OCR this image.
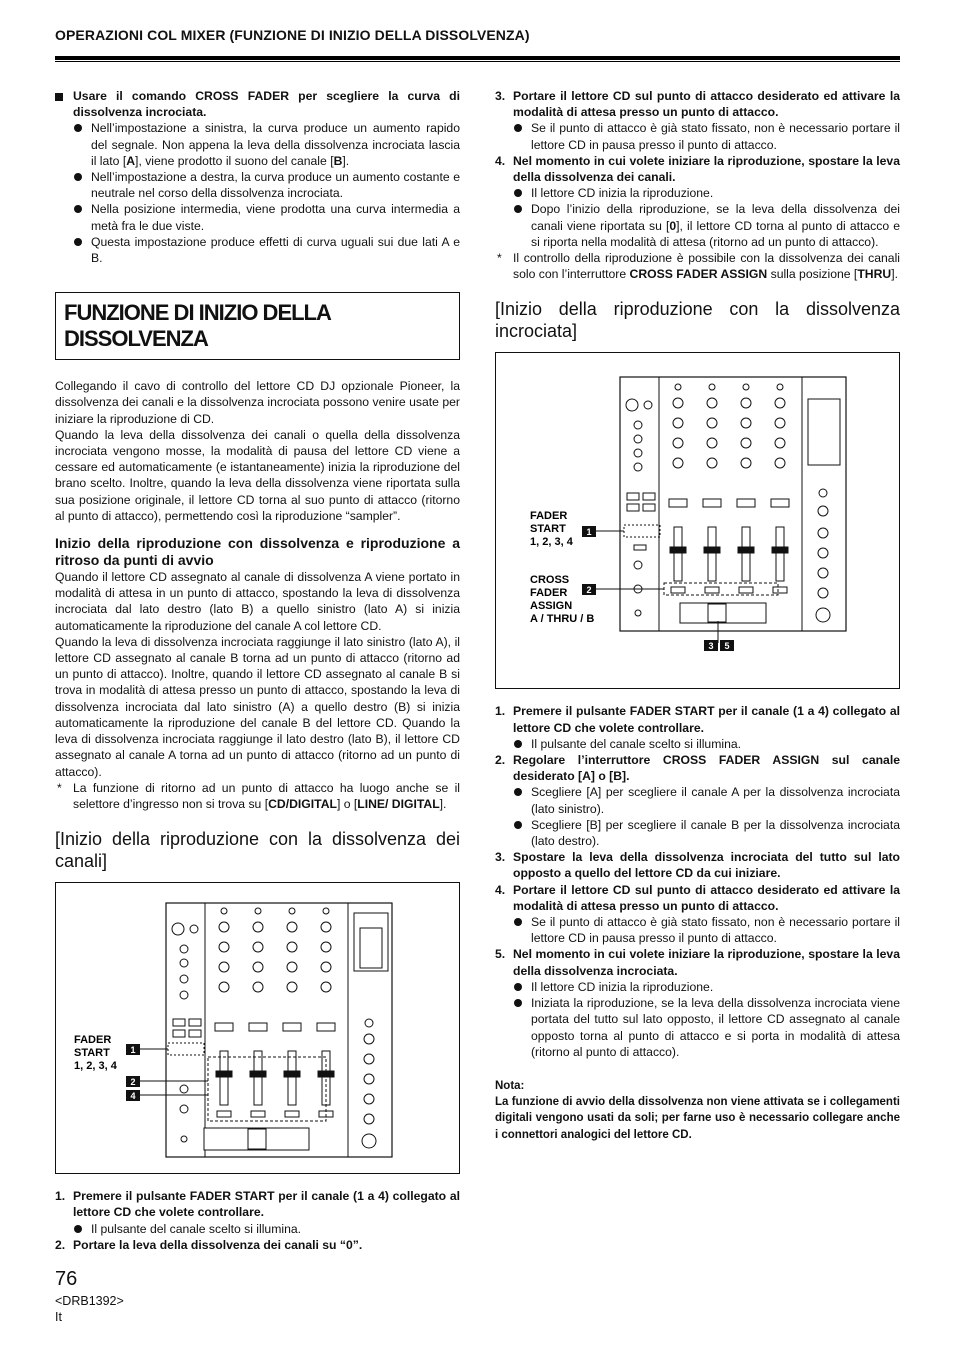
OPERAZIONI COL MIXER (FUNZIONE DI INIZIO DELLA DISSOLVENZA)

Usare il comando CROSS FADER per scegliere la curva di dissolvenza incrociata.

Nell’impostazione a sinistra, la curva produce un aumento rapido del segnale. Non appena la leva della dissolvenza incrociata lascia il lato [A], viene prodotto il suono del canale [B].
Nell’impostazione a destra, la curva produce un aumento costante e neutrale nel corso della dissolvenza incrociata.
Nella posizione intermedia, viene prodotta una curva intermedia a metà fra le due viste.
Questa impostazione produce effetti di curva uguali sui due lati A e B.
FUNZIONE DI INIZIO DELLA DISSOLVENZA

Collegando il cavo di controllo del lettore CD DJ opzionale Pioneer, la dissolvenza dei canali e la dissolvenza incrociata possono venire usate per iniziare la riproduzione di CD.

Quando la leva della dissolvenza dei canali o quella della dissolvenza incrociata vengono mosse, la modalità di pausa del lettore CD viene a cessare ed automaticamente (e istantaneamente) inizia la riproduzione del brano scelto. Inoltre, quando la leva della dissolvenza viene riportata sulla sua posizione originale, il lettore CD torna al suo punto di attacco (ritorno al punto di attacco), permettendo così la riproduzione “sampler”.

Inizio della riproduzione con dissolvenza e riproduzione a ritroso da punti di avvio

Quando il lettore CD assegnato al canale di dissolvenza A viene portato in modalità di attesa in un punto di attacco, spostando la leva di dissolvenza incrociata dal lato destro (lato B) a quello sinistro (lato A) si inizia automaticamente la riproduzione del canale A col lettore CD.

Quando la leva di dissolvenza incrociata raggiunge il lato sinistro (lato A), il lettore CD assegnato al canale B torna ad un punto di attacco (ritorno ad un punto di attacco). Inoltre, quando il lettore CD assegnato al canale B si trova in modalità di attesa presso un punto di attacco, spostando la leva di dissolvenza incrociata dal lato sinistro (A) a quello destro (B) si inizia automaticamente la riproduzione del canale B del lettore CD. Quando la leva di dissolvenza incrociata raggiunge il lato destro (lato B), il lettore CD assegnato al canale A torna ad un punto di attacco (ritorno ad un punto di attacco).

* La funzione di ritorno ad un punto di attacco ha luogo anche se il selettore d’ingresso non si trova su [CD/DIGITAL] o [LINE/ DIGITAL].

[Inizio della riproduzione con la dissolvenza dei canali]

FADER
START
1, 2, 3, 4
1
2
4

1. Premere il pulsante FADER START per il canale (1 a 4) collegato al lettore CD che volete controllare.

Il pulsante del canale scelto si illumina.

2. Portare la leva della dissolvenza dei canali su “0”.

3. Portare il lettore CD sul punto di attacco desiderato ed attivare la modalità di attesa presso un punto di attacco.

Se il punto di attacco è già stato fissato, non è necessario portare il lettore CD in pausa presso il punto di attacco.

4. Nel momento in cui volete iniziare la riproduzione, spostare la leva della dissolvenza dei canali.

Il lettore CD inizia la riproduzione.
Dopo l’inizio della riproduzione, se la leva della dissolvenza dei canali viene riportata su [0], il lettore CD torna al punto di attacco e si riporta nella modalità di attesa (ritorno ad un punto di attacco).

* Il controllo della riproduzione è possibile con la dissolvenza dei canali solo con l’interruttore CROSS FADER ASSIGN sulla posizione [THRU].

[Inizio della riproduzione con la dissolvenza incrociata]

FADER
START
1, 2, 3, 4
1
CROSS
FADER
ASSIGN
A / THRU / B
2
3 5

1. Premere il pulsante FADER START per il canale (1 a 4) collegato al lettore CD che volete controllare.

Il pulsante del canale scelto si illumina.

2. Regolare l’interruttore CROSS FADER ASSIGN sul canale desiderato [A] o [B].

Scegliere [A] per scegliere il canale A per la dissolvenza incrociata (lato sinistro).
Scegliere [B] per scegliere il canale B per la dissolvenza incrociata (lato destro).

3. Spostare la leva della dissolvenza incrociata del tutto sul lato opposto a quello del lettore CD da cui iniziare.

4. Portare il lettore CD sul punto di attacco desiderato ed attivare la modalità di attesa presso un punto di attacco.

Se il punto di attacco è già stato fissato, non è necessario portare il lettore CD in pausa presso il punto di attacco.

5. Nel momento in cui volete iniziare la riproduzione, spostare la leva della dissolvenza incrociata.

Il lettore CD inizia la riproduzione.
Iniziata la riproduzione, se la leva della dissolvenza incrociata viene portata del tutto sul lato opposto, il lettore CD assegnato al canale opposto torna al punto di attacco e si porta in modalità di attesa (ritorno al punto di attacco).

Nota:

La funzione di avvio della dissolvenza non viene attivata se i collegamenti digitali vengono usati da soli; per farne uso è necessario collegare anche i connettori analogici del lettore CD.

76
<DRB1392>
It
